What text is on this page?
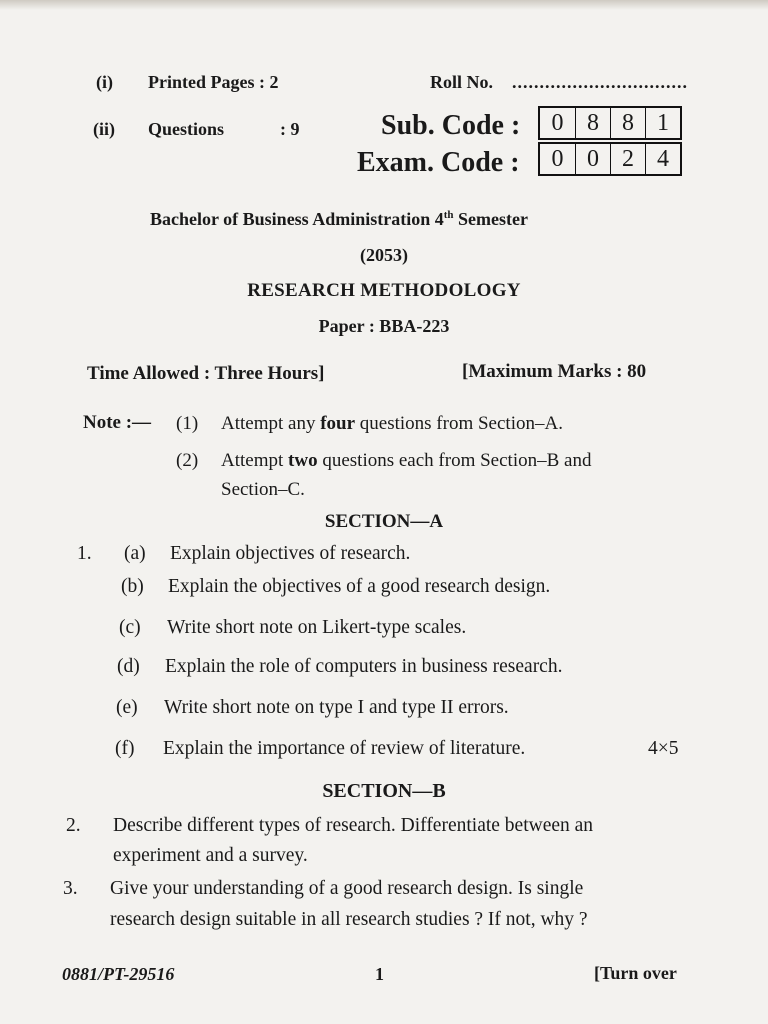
(i) Printed Pages : 2	Roll No. ................................
(ii) Questions	: 9	Sub. Code :	0 8 8 1
Exam. Code :	0 0 2 4
Bachelor of Business Administration 4th Semester
(2053)
RESEARCH METHODOLOGY
Paper : BBA-223
Time Allowed : Three Hours]	[Maximum Marks : 80
Note :— (1) Attempt any four questions from Section–A.
(2) Attempt two questions each from Section–B and
Section–C.
SECTION—A
1. (a) Explain objectives of research.
(b) Explain the objectives of a good research design.
(c) Write short note on Likert-type scales.
(d) Explain the role of computers in business research.
(e) Write short note on type I and type II errors.
(f) Explain the importance of review of literature.	4×5
SECTION—B
2. Describe different types of research. Differentiate between an
experiment and a survey.
3. Give your understanding of a good research design. Is single
research design suitable in all research studies ? If not, why ?
0881/PT-29516	1	[Turn over
